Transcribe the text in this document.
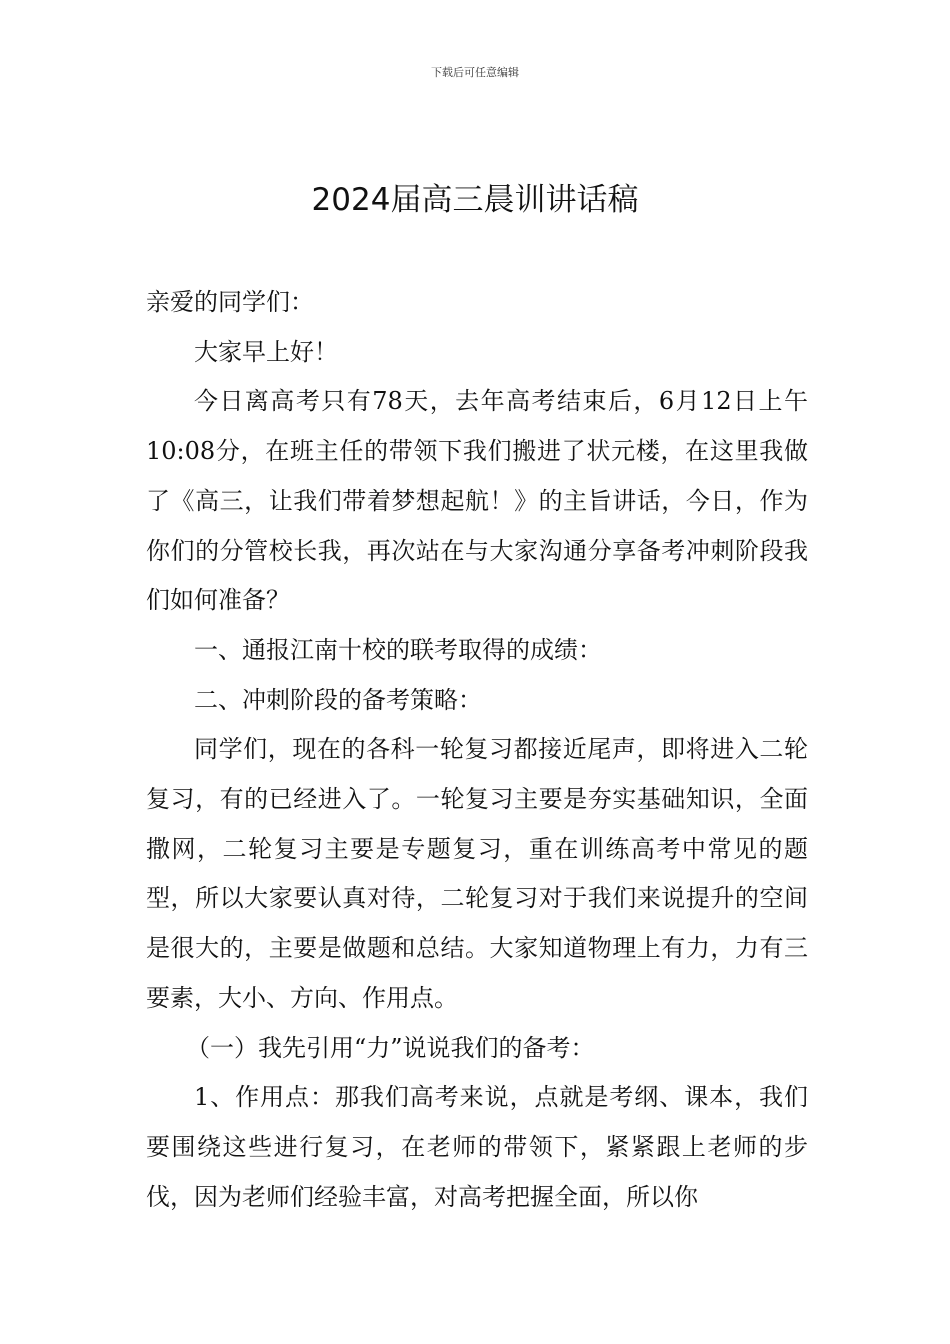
下载后可任意编辑
2024届高三晨训讲话稿

亲爱的同学们：

大家早上好！

今日离高考只有78天，去年高考结束后，6月12日上午10:08分，在班主任的带领下我们搬进了状元楼，在这里我做了《高三，让我们带着梦想起航！》的主旨讲话，今日，作为你们的分管校长我，再次站在与大家沟通分享备考冲刺阶段我们如何准备？

一、通报江南十校的联考取得的成绩：

二、冲刺阶段的备考策略：

同学们，现在的各科一轮复习都接近尾声，即将进入二轮复习，有的已经进入了。一轮复习主要是夯实基础知识，全面撒网，二轮复习主要是专题复习，重在训练高考中常见的题型，所以大家要认真对待，二轮复习对于我们来说提升的空间是很大的，主要是做题和总结。大家知道物理上有力，力有三要素，大小、方向、作用点。

（一）我先引用“力”说说我们的备考：

1、作用点：那我们高考来说，点就是考纲、课本，我们要围绕这些进行复习，在老师的带领下，紧紧跟上老师的步伐，因为老师们经验丰富，对高考把握全面，所以你
